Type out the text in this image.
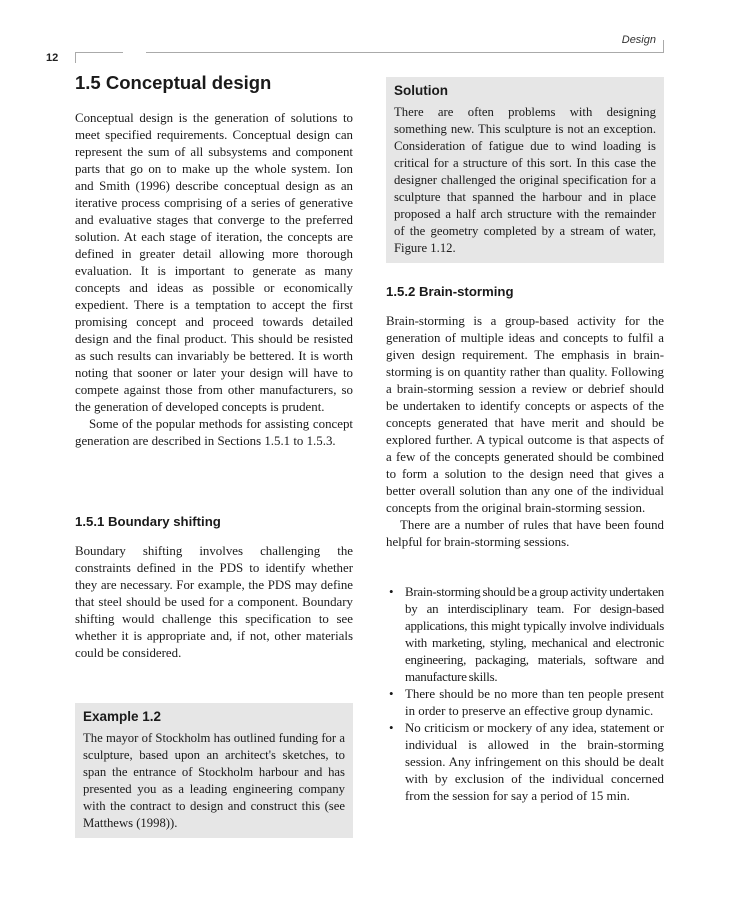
Design
12
1.5 Conceptual design

Conceptual design is the generation of solutions to meet specified requirements. Conceptual design can represent the sum of all subsystems and component parts that go on to make up the whole system. Ion and Smith (1996) describe conceptual design as an iterative process comprising of a series of generative and evaluative stages that converge to the preferred solution. At each stage of iteration, the concepts are defined in greater detail allowing more thorough evaluation. It is important to generate as many concepts and ideas as possible or economically expedient. There is a temptation to accept the first promising concept and proceed towards detailed design and the final product. This should be resisted as such results can invariably be bettered. It is worth noting that sooner or later your design will have to compete against those from other manufacturers, so the generation of developed concepts is prudent.

Some of the popular methods for assisting concept generation are described in Sections 1.5.1 to 1.5.3.

1.5.1 Boundary shifting

Boundary shifting involves challenging the constraints defined in the PDS to identify whether they are necessary. For example, the PDS may define that steel should be used for a component. Boundary shifting would challenge this specification to see whether it is appropriate and, if not, other materials could be considered.

Example 1.2

The mayor of Stockholm has outlined funding for a sculpture, based upon an architect's sketches, to span the entrance of Stockholm harbour and has presented you as a leading engineering company with the contract to design and construct this (see Matthews (1998)).

Solution

There are often problems with designing something new. This sculpture is not an exception. Consideration of fatigue due to wind loading is critical for a structure of this sort. In this case the designer challenged the original specification for a sculpture that spanned the harbour and in place proposed a half arch structure with the remainder of the geometry completed by a stream of water, Figure 1.12.

1.5.2 Brain-storming

Brain-storming is a group-based activity for the generation of multiple ideas and concepts to fulfil a given design requirement. The emphasis in brain-storming is on quantity rather than quality. Following a brain-storming session a review or debrief should be undertaken to identify concepts or aspects of the concepts generated that have merit and should be explored further. A typical outcome is that aspects of a few of the concepts generated should be combined to form a solution to the design need that gives a better overall solution than any one of the individual concepts from the original brain-storming session.

There are a number of rules that have been found helpful for brain-storming sessions.

• Brain-storming should be a group activity undertaken by an interdisciplinary team. For design-based applications, this might typically involve individuals with marketing, styling, mechanical and electronic engineering, packaging, materials, software and manufacture skills.

• There should be no more than ten people present in order to preserve an effective group dynamic.

• No criticism or mockery of any idea, statement or individual is allowed in the brain-storming session. Any infringement on this should be dealt with by exclusion of the individual concerned from the session for say a period of 15 min.
